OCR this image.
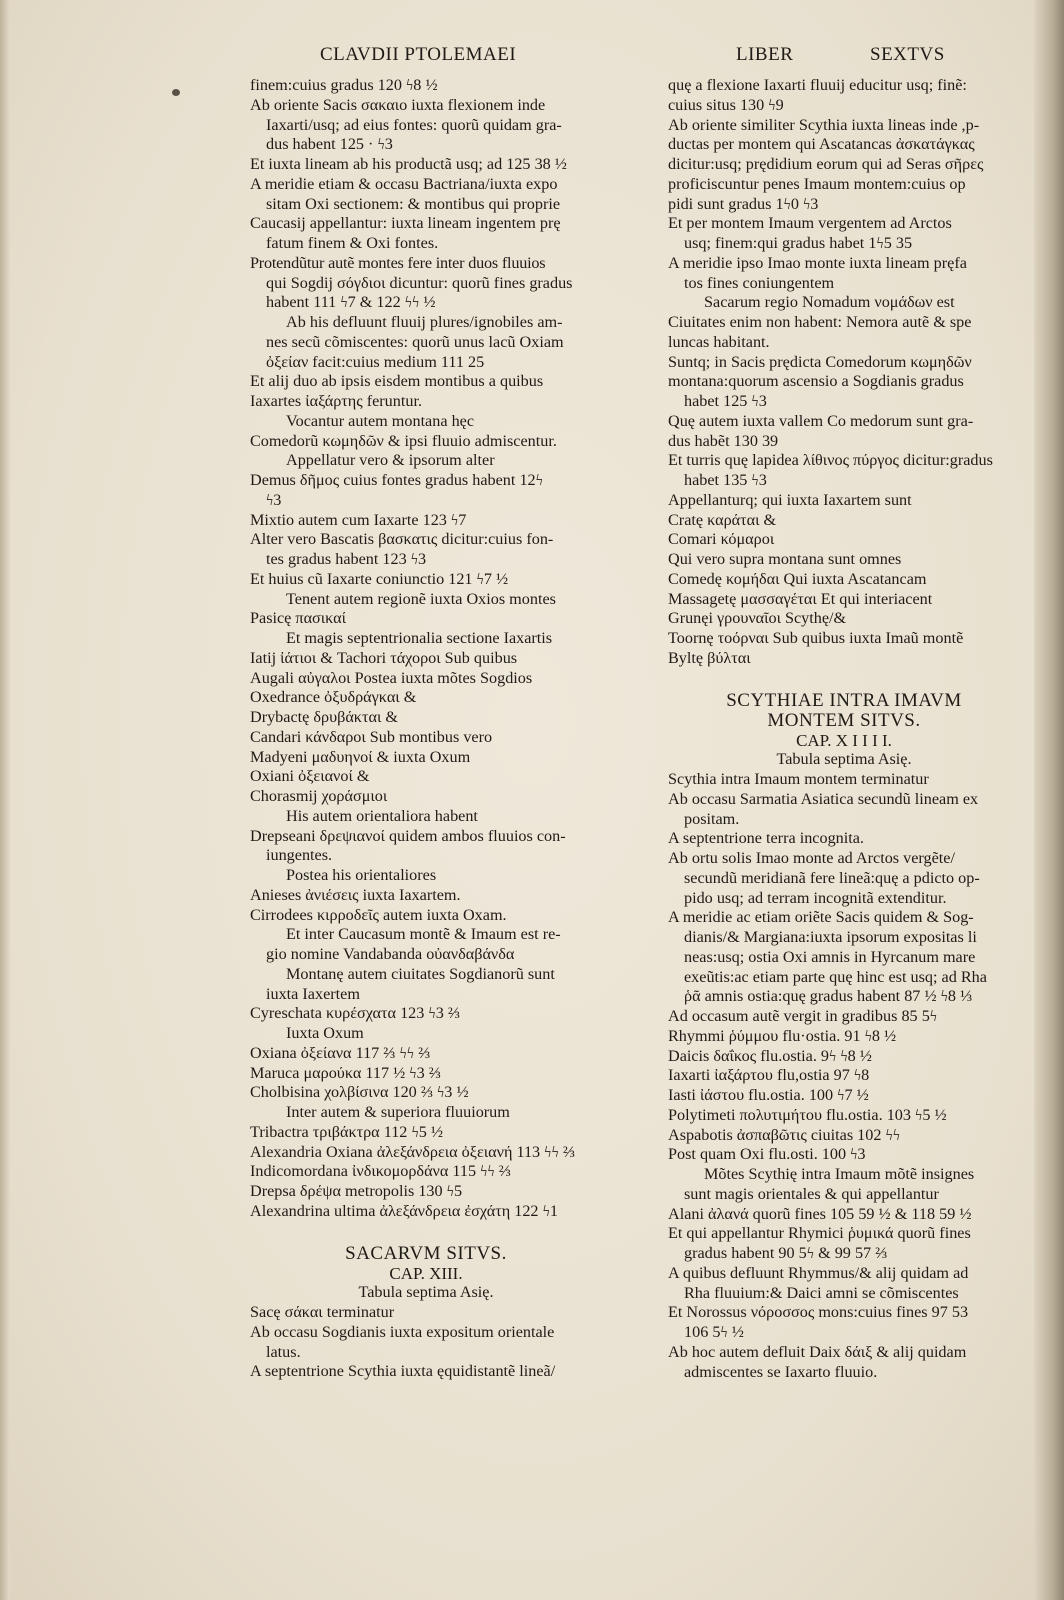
CLAVDII PTOLEMAEI	LIBER	SEXTVS
finem:cuius gradus 120 ϟ8 ½
Ab oriente Sacis σακαιο iuxta flexionem inde
Iaxarti/usq; ad eius fontes: quorũ quidam gra-
dus habent 125 · ϟ3
Et iuxta lineam ab his productã usq; ad 125 38 ½
A meridie etiam & occasu Bactriana/iuxta expo
sitam Oxi sectionem: & montibus qui proprie
Caucasij appellantur: iuxta lineam ingentem prę
fatum finem & Oxi fontes.
Protendũtur autẽ montes fere inter duos fluuios
qui Sogdij σόγδιοι dicuntur: quorũ fines gradus
habent 111 ϟ7 & 122 ϟϟ ½
Ab his defluunt fluuij plures/ignobiles am-
nes secũ cõmiscentes: quorũ unus lacũ Oxiam
ὀξείαν facit:cuius medium 111 25
Et alij duo ab ipsis eisdem montibus a quibus
Iaxartes ἰαξάρτης feruntur.
Vocantur autem montana hęc
Comedorũ κωμηδῶν & ipsi fluuio admiscentur.
Appellatur vero & ipsorum alter
Demus δῆμος cuius fontes gradus habent 12ϟ
ϟ3
Mixtio autem cum Iaxarte 123 ϟ7
Alter vero Bascatis βασκατις dicitur:cuius fon-
tes gradus habent 123 ϟ3
Et huius cũ Iaxarte coniunctio 121 ϟ7 ½
Tenent autem regionẽ iuxta Oxios montes
Pasicę πασικαί
Et magis septentrionalia sectione Iaxartis
Iatij ἰάτιοι & Tachori τάχοροι Sub quibus
Augali αὐγαλοι Postea iuxta mõtes Sogdios
Oxedrance ὀξυδράγκαι &
Drybactę δρυβάκται &
Candari κάνδαροι Sub montibus vero
Madyeni μαδυηνοί & iuxta Oxum
Oxiani ὀξειανοί &
Chorasmij χοράσμιοι
His autem orientaliora habent
Drepseani δρεψιανοί quidem ambos fluuios con-
iungentes.
Postea his orientaliores
Anieses ἀνιέσεις iuxta Iaxartem.
Cirrodees κιρροδεῖς autem iuxta Oxam.
Et inter Caucasum montẽ & Imaum est re-
gio nomine Vandabanda οὐανδαβάνδα
Montanę autem ciuitates Sogdianorũ sunt
iuxta Iaxertem
Cyreschata κυρέσχατα 123 ϟ3 ⅔
Iuxta Oxum
Oxiana ὀξείανα 117 ⅔ ϟϟ ⅔
Maruca μαρούκα 117 ½ ϟ3 ⅔
Cholbisina χολβίσινα 120 ⅔ ϟ3 ½
Inter autem & superiora fluuiorum
Tribactra τριβάκτρα 112 ϟ5 ½
Alexandria Oxiana ἀλεξάνδρεια ὀξειανή 113 ϟϟ ⅔
Indicomordana ἰνδικομορδάνα 115 ϟϟ ⅔
Drepsa δρέψα metropolis 130 ϟ5
Alexandrina ultima ἀλεξάνδρεια ἐσχάτη 122 ϟ1
SACARVM SITVS.
CAP. XIII.
Tabula septima Asię.
Sacę σάκαι terminatur
Ab occasu Sogdianis iuxta expositum orientale
latus.
A septentrione Scythia iuxta ęquidistantẽ lineã/
quę a flexione Iaxarti fluuij educitur usq; finẽ:
cuius situs 130 ϟ9
Ab oriente similiter Scythia iuxta lineas inde ,p-
ductas per montem qui Ascatancas ἀσκατάγκας
dicitur:usq; prędidium eorum qui ad Seras σῆρες
proficiscuntur penes Imaum montem:cuius op
pidi sunt gradus 1ϟ0 ϟ3
Et per montem Imaum vergentem ad Arctos
usq; finem:qui gradus habet 1ϟ5 35
A meridie ipso Imao monte iuxta lineam pręfa
tos fines coniungentem
Sacarum regio Nomadum νομάδων est
Ciuitates enim non habent: Nemora autẽ & spe
luncas habitant.
Suntq; in Sacis prędicta Comedorum κωμηδῶν
montana:quorum ascensio a Sogdianis gradus
habet 125 ϟ3
Quę autem iuxta vallem Co medorum sunt gra-
dus habẽt 130 39
Et turris quę lapidea λίθινος πύργος dicitur:gradus
habet 135 ϟ3
Appellanturq; qui iuxta Iaxartem sunt
Cratę καράται &
Comari κόμαροι
Qui vero supra montana sunt omnes
Comedę κομήδαι Qui iuxta Ascatancam
Massagetę μασσαγέται Et qui interiacent
Grunęi γρουναῖοι Scythę/&
Toornę τοόρναι Sub quibus iuxta Imaũ montẽ
Byltę βύλται
SCYTHIAE INTRA IMAVM
MONTEM SITVS.
CAP. X I I I I.
Tabula septima Asię.
Scythia intra Imaum montem terminatur
Ab occasu Sarmatia Asiatica secundũ lineam ex
positam.
A septentrione terra incognita.
Ab ortu solis Imao monte ad Arctos vergẽte/
secundũ meridianã fere lineã:quę a pdicto op-
pido usq; ad terram incognitã extenditur.
A meridie ac etiam oriẽte Sacis quidem & Sog-
dianis/& Margiana:iuxta ipsorum expositas li
neas:usq; ostia Oxi amnis in Hyrcanum mare
exeũtis:ac etiam parte quę hinc est usq; ad Rha
ῥᾶ amnis ostia:quę gradus habent 87 ½ ϟ8 ⅓
Ad occasum autẽ vergit in gradibus 85 5ϟ
Rhymmi ῥύμμου flu·ostia. 91 ϟ8 ½
Daicis δαΐκος flu.ostia. 9ϟ ϟ8 ½
Iaxarti ἰαξάρτου flu,ostia 97 ϟ8
Iasti ἰάστου flu.ostia. 100 ϟ7 ½
Polytimeti πολυτιμήτου flu.ostia. 103 ϟ5 ½
Aspabotis ἀσπαβῶτις ciuitas 102 ϟϟ
Post quam Oxi flu.osti. 100 ϟ3
Mõtes Scythię intra Imaum mõtẽ insignes
sunt magis orientales & qui appellantur
Alani ἀλανά quorũ fines 105 59 ½ & 118 59 ½
Et qui appellantur Rhymici ῥυμικά quorũ fines
gradus habent 90 5ϟ & 99 57 ⅔
A quibus defluunt Rhymmus/& alij quidam ad
Rha fluuium:& Daici amni se cõmiscentes
Et Norossus νόροσσος mons:cuius fines 97 53
106 5ϟ ½
Ab hoc autem defluit Daix δάιξ & alij quidam
admiscentes se Iaxarto fluuio.
